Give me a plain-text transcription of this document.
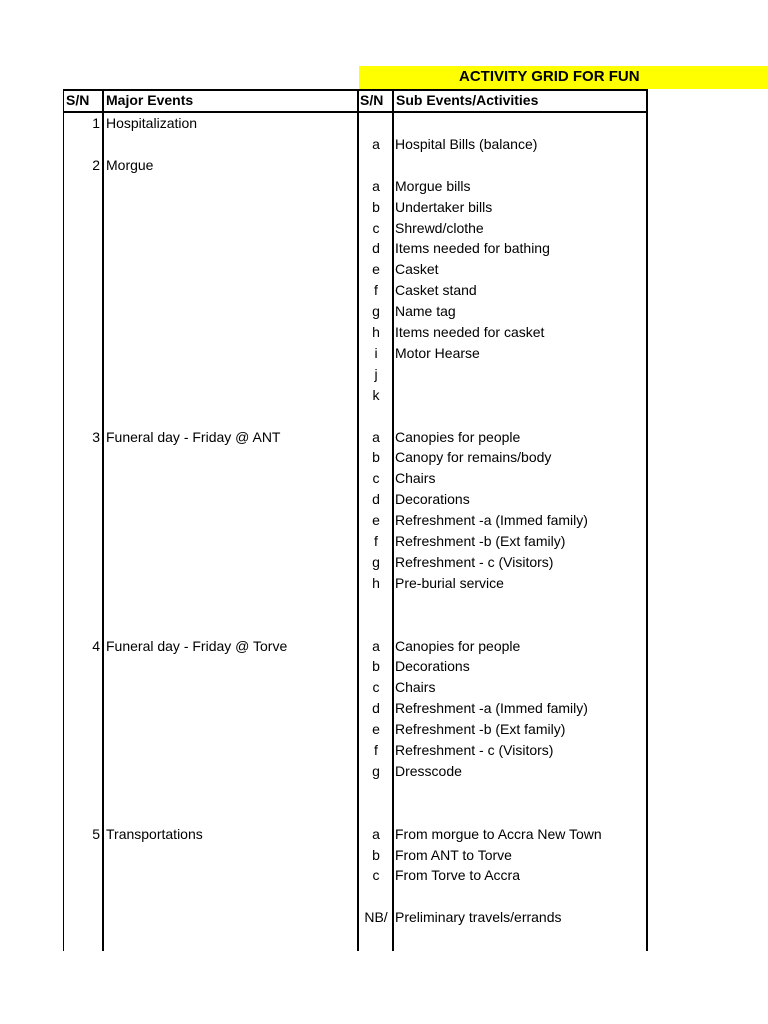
ACTIVITY GRID FOR FUN
S/N Major Events	S/N Sub Events/Activities
1 Hospitalization
a	Hospital Bills (balance)
2 Morgue
a	Morgue bills
b	Undertaker bills
c	Shrewd/clothe
d	Items needed for bathing
e	Casket
f	Casket stand
g	Name tag
h	Items needed for casket
i	Motor Hearse
j
k
3 Funeral day - Friday @ ANT	a	Canopies for people
b	Canopy for remains/body
c	Chairs
d	Decorations
e	Refreshment -a (Immed family)
f	Refreshment -b (Ext family)
g	Refreshment - c (Visitors)
h	Pre-burial service
4 Funeral day - Friday @ Torve	a	Canopies for people
b	Decorations
c	Chairs
d	Refreshment -a (Immed family)
e	Refreshment -b (Ext family)
f	Refreshment - c (Visitors)
g	Dresscode
5 Transportations	a	From morgue to Accra New Town
b	From ANT to Torve
c	From Torve to Accra
NB/ Preliminary travels/errands
